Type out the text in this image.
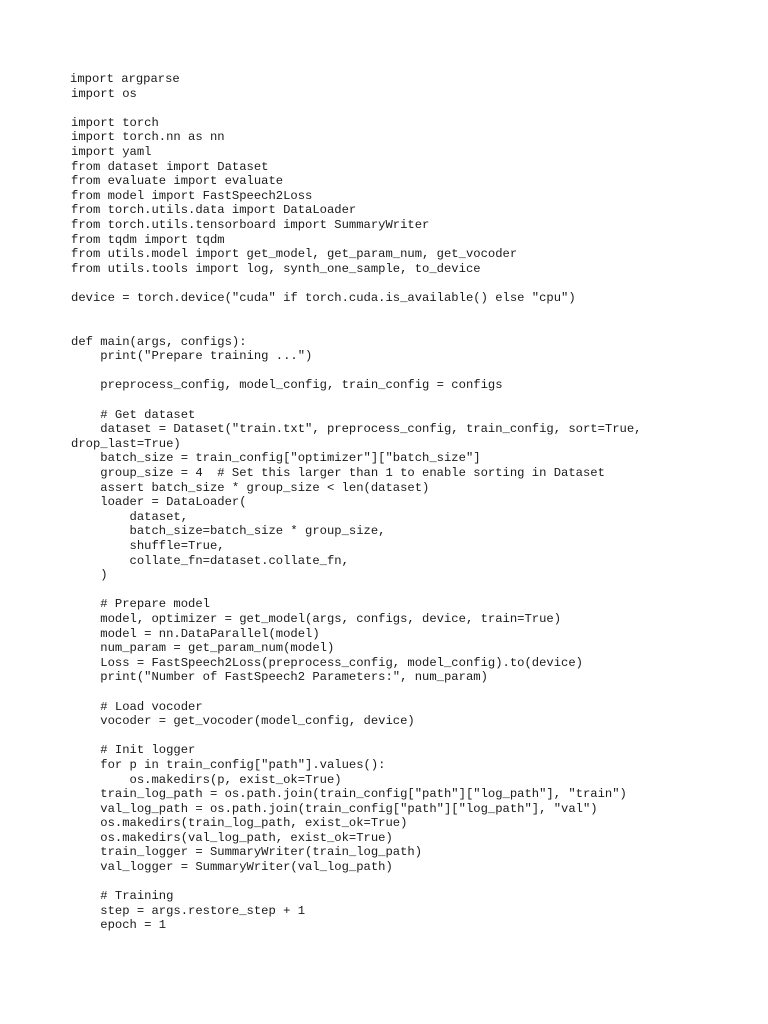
import argparse
import os
import torch
import torch.nn as nn
import yaml
from dataset import Dataset
from evaluate import evaluate
from model import FastSpeech2Loss
from torch.utils.data import DataLoader
from torch.utils.tensorboard import SummaryWriter
from tqdm import tqdm
from utils.model import get_model, get_param_num, get_vocoder
from utils.tools import log, synth_one_sample, to_device
device = torch.device("cuda" if torch.cuda.is_available() else "cpu")
def main(args, configs):
print("Prepare training ...")
preprocess_config, model_config, train_config = configs
# Get dataset
dataset = Dataset("train.txt", preprocess_config, train_config, sort=True,
drop_last=True)
batch_size = train_config["optimizer"]["batch_size"]
group_size = 4  # Set this larger than 1 to enable sorting in Dataset
assert batch_size * group_size < len(dataset)
loader = DataLoader(
dataset,
batch_size=batch_size * group_size,
shuffle=True,
collate_fn=dataset.collate_fn,
)
# Prepare model
model, optimizer = get_model(args, configs, device, train=True)
model = nn.DataParallel(model)
num_param = get_param_num(model)
Loss = FastSpeech2Loss(preprocess_config, model_config).to(device)
print("Number of FastSpeech2 Parameters:", num_param)
# Load vocoder
vocoder = get_vocoder(model_config, device)
# Init logger
for p in train_config["path"].values():
os.makedirs(p, exist_ok=True)
train_log_path = os.path.join(train_config["path"]["log_path"], "train")
val_log_path = os.path.join(train_config["path"]["log_path"], "val")
os.makedirs(train_log_path, exist_ok=True)
os.makedirs(val_log_path, exist_ok=True)
train_logger = SummaryWriter(train_log_path)
val_logger = SummaryWriter(val_log_path)
# Training
step = args.restore_step + 1
epoch = 1
